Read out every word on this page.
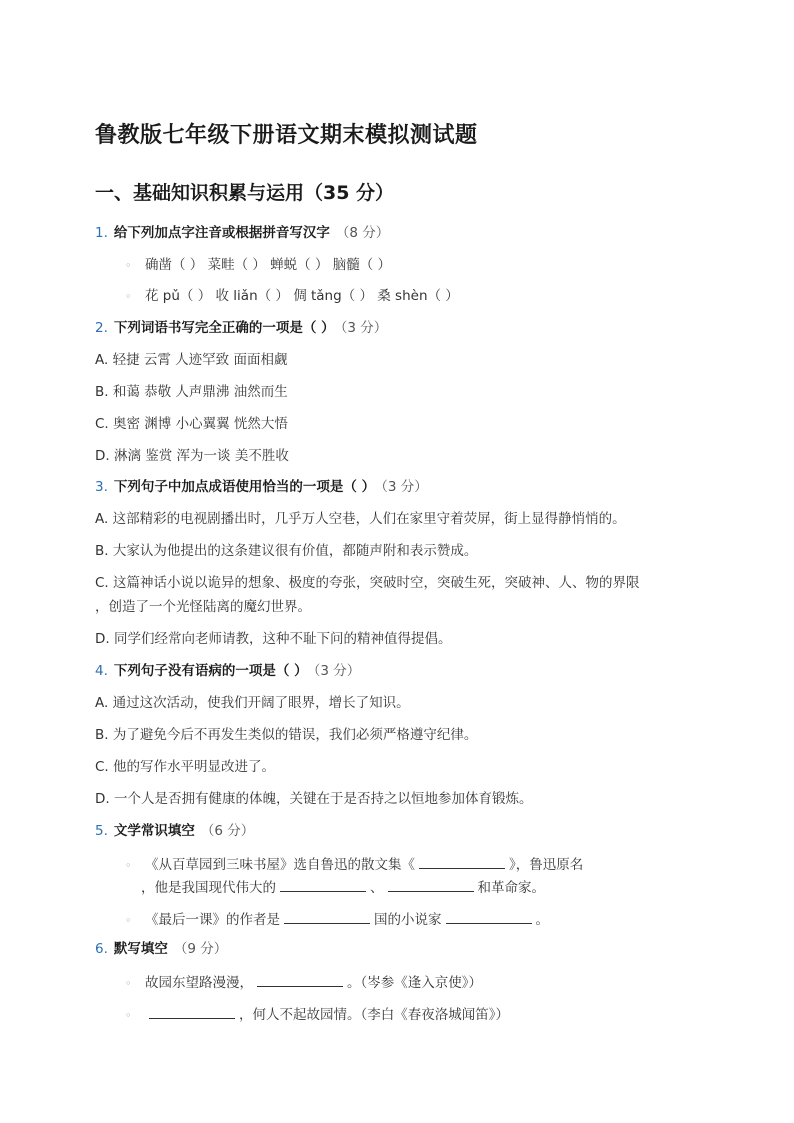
鲁教版七年级下册语文期末模拟测试题
一、基础知识积累与运用（35 分）
1. 给下列加点字注音或根据拼音写汉字 （8 分）
◦ 确凿（ ） 菜畦（ ） 蝉蜕（ ） 脑髓（ ）
◦ 花 pǔ（ ） 收 liǎn（ ） 倜 tǎng（ ） 桑 shèn（ ）
2. 下列词语书写完全正确的一项是（ ） （3 分）
A. 轻捷 云霄 人迹罕致 面面相觑
B. 和蔼 恭敬 人声鼎沸 油然而生
C. 奥密 渊博 小心翼翼 恍然大悟
D. 淋漓 鉴赏 浑为一谈 美不胜收
3. 下列句子中加点成语使用恰当的一项是（ ） （3 分）
A. 这部精彩的电视剧播出时，几乎万人空巷，人们在家里守着荧屏，街上显得静悄悄的。
B. 大家认为他提出的这条建议很有价值，都随声附和表示赞成。
C. 这篇神话小说以诡异的想象、极度的夸张，突破时空，突破生死，突破神、人、物的界限
，创造了一个光怪陆离的魔幻世界。
D. 同学们经常向老师请教，这种不耻下问的精神值得提倡。
4. 下列句子没有语病的一项是（ ） （3 分）
A. 通过这次活动，使我们开阔了眼界，增长了知识。
B. 为了避免今后不再发生类似的错误，我们必须严格遵守纪律。
C. 他的写作水平明显改进了。
D. 一个人是否拥有健康的体魄，关键在于是否持之以恒地参加体育锻炼。
5. 文学常识填空 （6 分）
◦ 《从百草园到三味书屋》选自鲁迅的散文集《	》，鲁迅原名
，他是我国现代伟大的	、	和革命家。
◦ 《最后一课》的作者是	国的小说家	。
6. 默写填空 （9 分）
◦ 故园东望路漫漫，	。（岑参《逢入京使》）
◦	，何人不起故园情。（李白《春夜洛城闻笛》）
